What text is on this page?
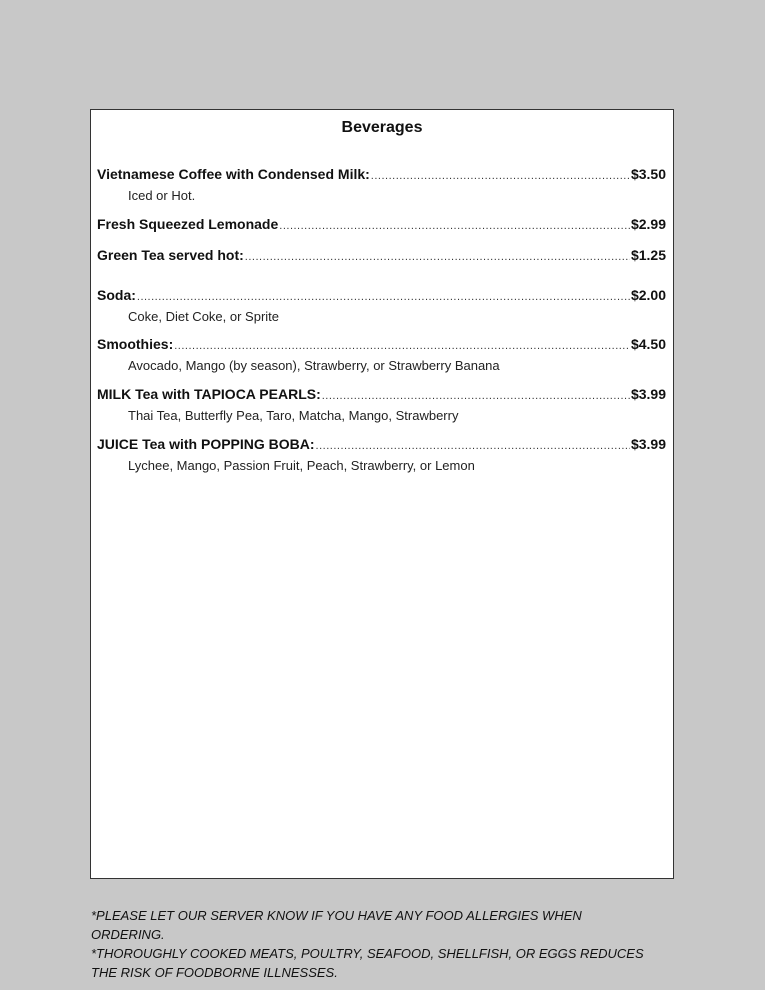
Beverages
Vietnamese Coffee with Condensed Milk: .....	$3.50
Iced or Hot.
Fresh Squeezed Lemonade .....	$2.99
Green Tea served hot: .....	$1.25
Soda: .....	$2.00
Coke, Diet Coke, or Sprite
Smoothies: .....	$4.50
Avocado, Mango (by season), Strawberry, or Strawberry Banana
MILK Tea with TAPIOCA PEARLS: .....	$3.99
Thai Tea, Butterfly Pea, Taro, Matcha, Mango, Strawberry
JUICE Tea with POPPING BOBA: .....	$3.99
Lychee, Mango, Passion Fruit, Peach, Strawberry, or Lemon

*PLEASE LET OUR SERVER KNOW IF YOU HAVE ANY FOOD ALLERGIES WHEN ORDERING.

*THOROUGHLY COOKED MEATS, POULTRY, SEAFOOD, SHELLFISH, OR EGGS REDUCES THE RISK OF FOODBORNE ILLNESSES.
